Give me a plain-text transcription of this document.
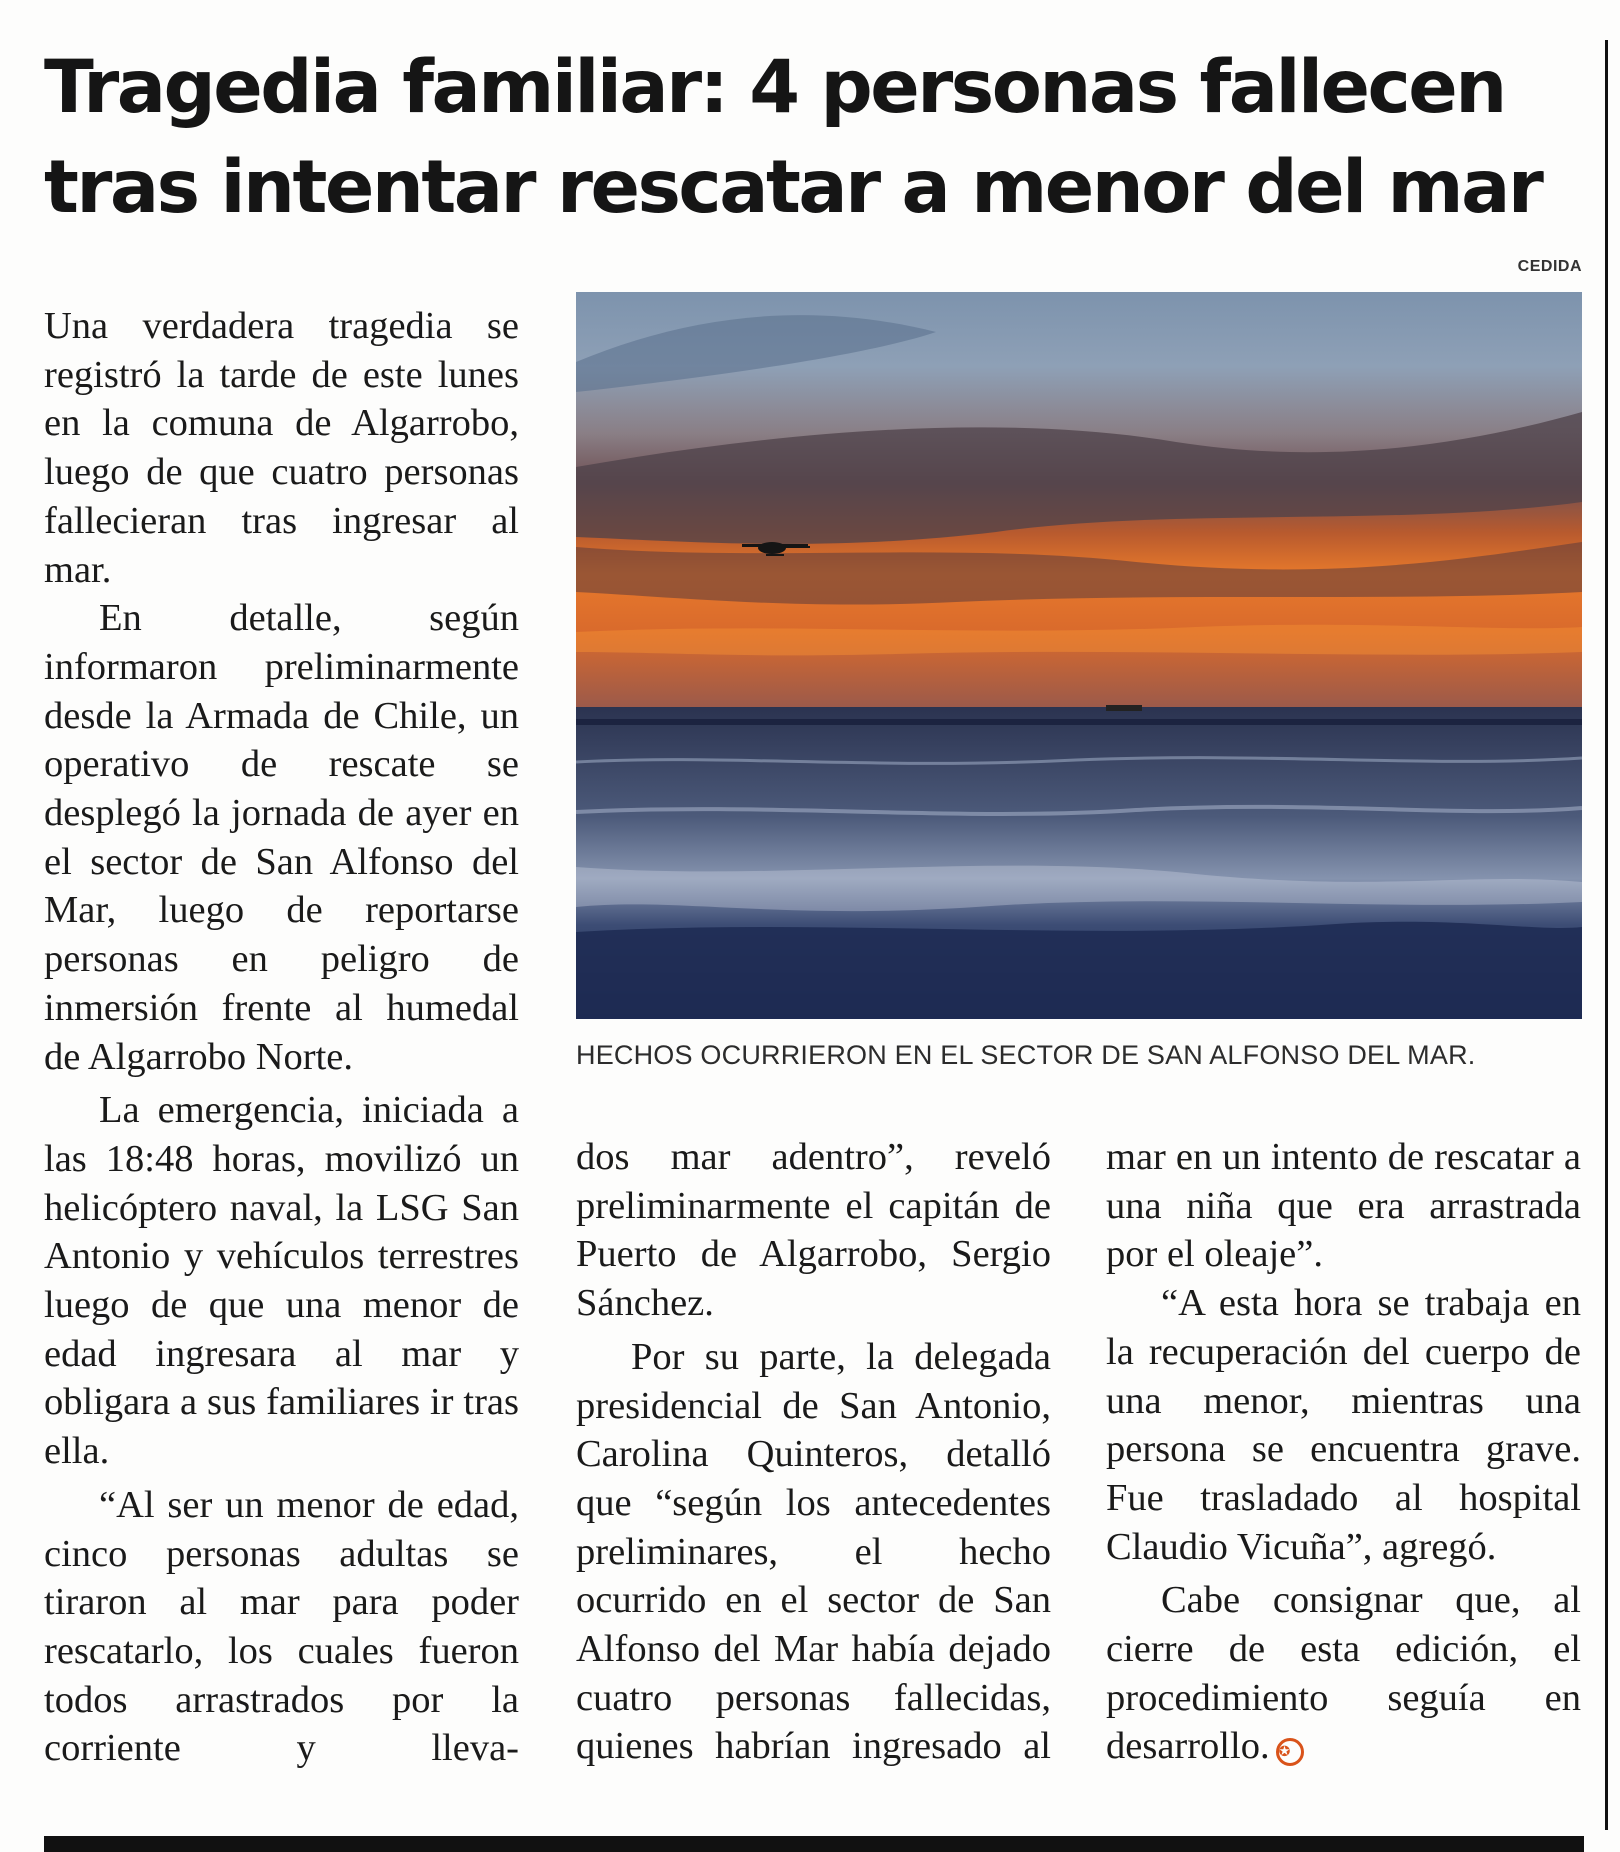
Tragedia familiar: 4 personas fallecen
tras intentar rescatar a menor del mar
CEDIDA
HECHOS OCURRIERON EN EL SECTOR DE SAN ALFONSO DEL MAR.

Una verdadera tragedia se registró la tarde de este lunes en la comuna de Algarrobo, luego de que cuatro personas fallecieran tras ingresar al mar.

En detalle, según informaron preliminarmente desde la Armada de Chile, un operativo de rescate se desplegó la jornada de ayer en el sector de San Alfonso del Mar, luego de reportarse personas en peligro de inmersión frente al humedal de Algarrobo Norte.

La emergencia, iniciada a las 18:48 horas, movilizó un helicóptero naval, la LSG San Antonio y vehículos terrestres luego de que una menor de edad ingresara al mar y obligara a sus familiares ir tras ella.

“Al ser un menor de edad, cinco personas adultas se tiraron al mar para poder rescatarlo, los cuales fueron todos arrastrados por la corriente y lleva-

dos mar adentro”, reveló preliminarmente el capitán de Puerto de Algarrobo, Sergio Sánchez.

Por su parte, la delegada presidencial de San Antonio, Carolina Quinteros, detalló que “según los antecedentes preliminares, el hecho ocurrido en el sector de San Alfonso del Mar había dejado cuatro personas fallecidas, quienes habrían ingresado al

mar en un intento de rescatar a una niña que era arrastrada por el oleaje”.

“A esta hora se trabaja en la recuperación del cuerpo de una menor, mientras una persona se encuentra grave. Fue trasladado al hospital Claudio Vicuña”, agregó.

Cabe consignar que, al cierre de esta edición, el procedimiento seguía en desarrollo. ✪
